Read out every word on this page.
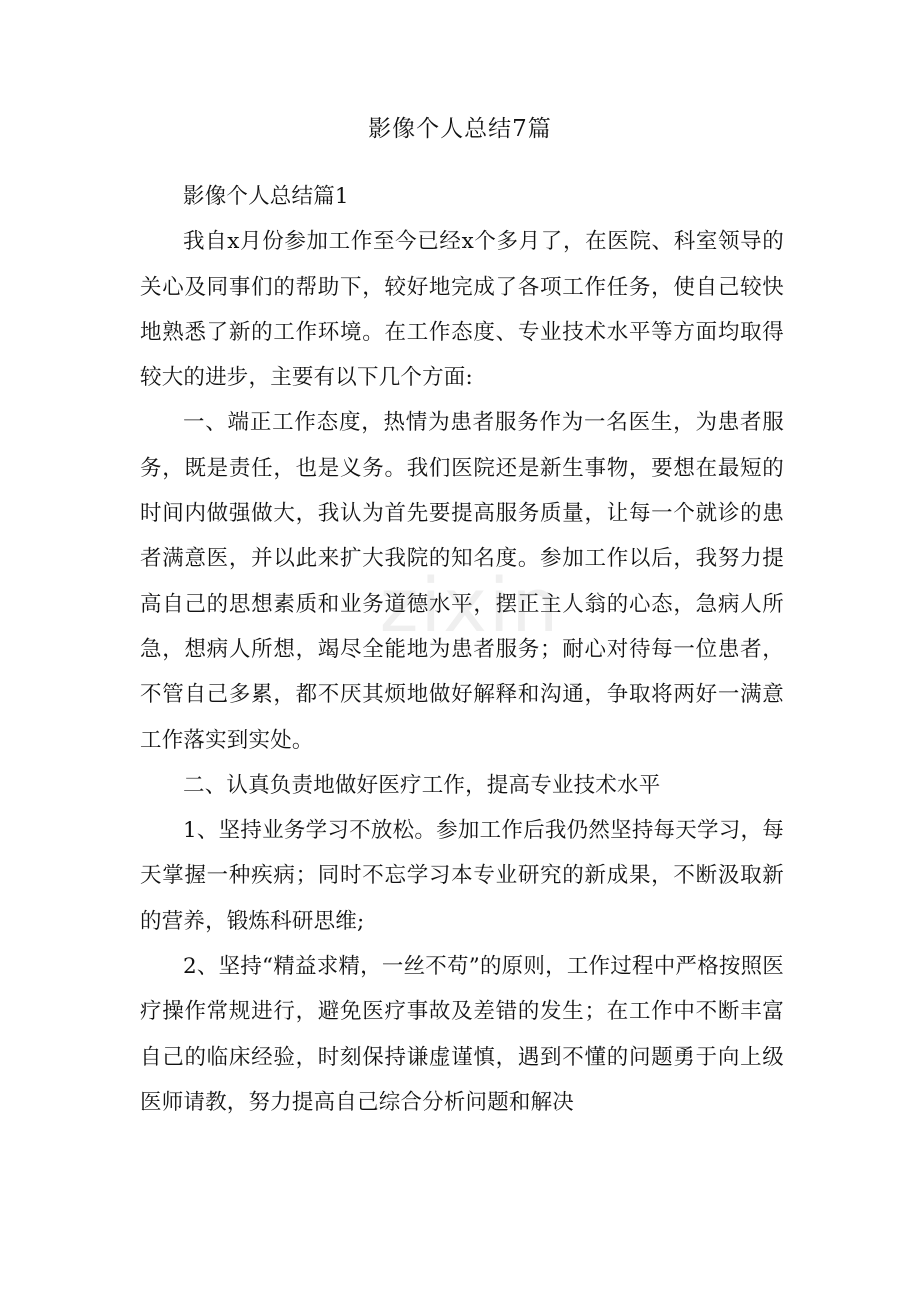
影像个人总结7篇
zixin

影像个人总结篇1

我自x月份参加工作至今已经x个多月了，在医院、科室领导的关心及同事们的帮助下，较好地完成了各项工作任务，使自己较快地熟悉了新的工作环境。在工作态度、专业技术水平等方面均取得较大的进步，主要有以下几个方面:

一、端正工作态度，热情为患者服务作为一名医生，为患者服务，既是责任，也是义务。我们医院还是新生事物，要想在最短的时间内做强做大，我认为首先要提高服务质量，让每一个就诊的患者满意医，并以此来扩大我院的知名度。参加工作以后，我努力提高自己的思想素质和业务道德水平，摆正主人翁的心态，急病人所急，想病人所想，竭尽全能地为患者服务；耐心对待每一位患者，不管自己多累，都不厌其烦地做好解释和沟通，争取将两好一满意工作落实到实处。

二、认真负责地做好医疗工作，提高专业技术水平

1、坚持业务学习不放松。参加工作后我仍然坚持每天学习，每天掌握一种疾病；同时不忘学习本专业研究的新成果，不断汲取新的营养，锻炼科研思维;

2、坚持“精益求精，一丝不苟”的原则，工作过程中严格按照医疗操作常规进行，避免医疗事故及差错的发生；在工作中不断丰富自己的临床经验，时刻保持谦虚谨慎，遇到不懂的问题勇于向上级医师请教，努力提高自己综合分析问题和解决
